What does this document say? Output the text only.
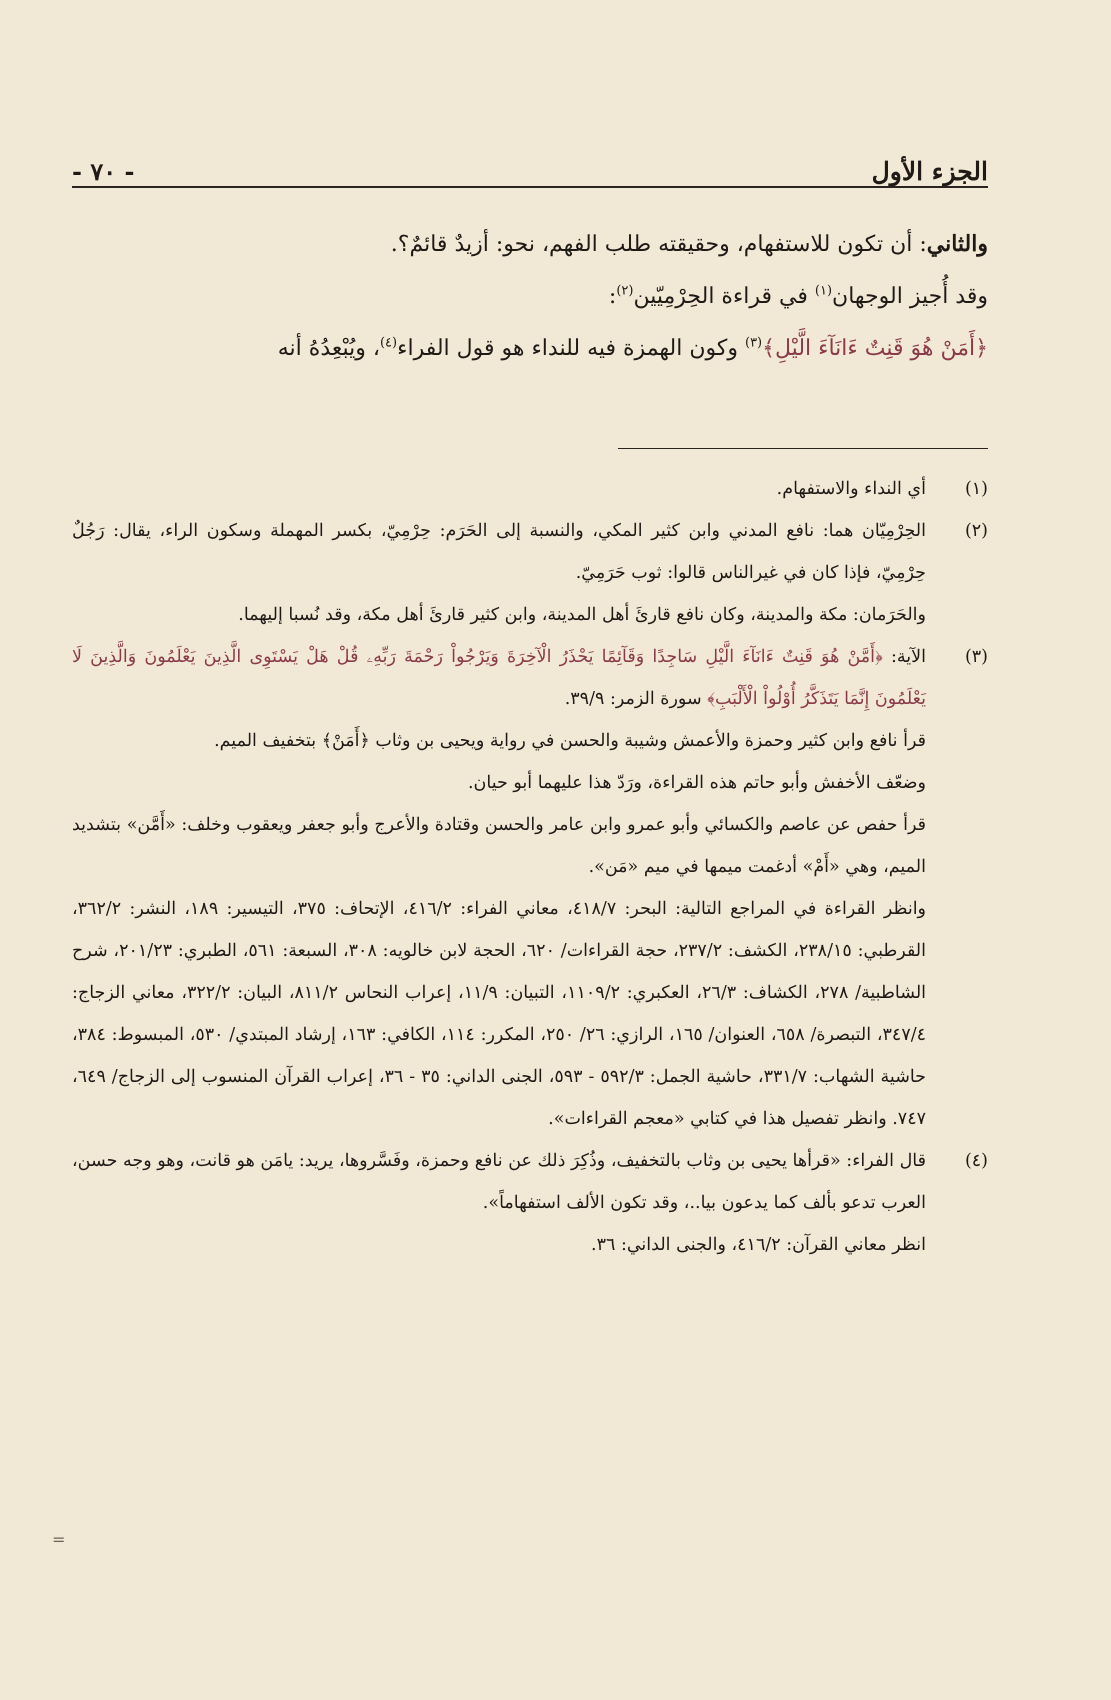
الجزء الأول
- ٧٠ -

والثاني: أن تكون للاستفهام، وحقيقته طلب الفهم، نحو: أزيدٌ قائمٌ؟.

وقد أُجيز الوجهان$^{(١)}$ في قراءة الحِرْمِيّين$^{(٢)}$:

﴿أَمَنْ هُوَ قَنِتٌ ءَانَآءَ الَّيْلِ﴾$^{(٣)}$ وكون الهمزة فيه للنداء هو قول الفراء$^{(٤)}$، ويُبْعِدُهُ أنه

(١)

أي النداء والاستفهام.

(٢)

الحِرْمِيّان هما: نافع المدني وابن كثير المكي، والنسبة إلى الحَرَم: حِرْمِيّ، بكسر المهملة وسكون الراء، يقال: رَجُلٌ حِرْمِيّ، فإذا كان في غيرالناس قالوا: ثوب حَرَمِيّ.

والحَرَمان: مكة والمدينة، وكان نافع قارئَ أهل المدينة، وابن كثير قارئَ أهل مكة، وقد نُسبا إليهما.

(٣)

الآية: ﴿أَمَّنْ هُوَ قَنِتٌ ءَانَآءَ الَّيْلِ سَاجِدًا وَقَآئِمًا يَحْذَرُ الْآخِرَةَ وَيَرْجُواْ رَحْمَةَ رَبِّهِۦ قُلْ هَلْ يَسْتَوِى الَّذِينَ يَعْلَمُونَ وَالَّذِينَ لَا يَعْلَمُونَ إِنَّمَا يَتَذَكَّرُ أُوْلُواْ الْأَلْبَبِ﴾ سورة الزمر: ٣٩/٩.

قرأ نافع وابن كثير وحمزة والأعمش وشيبة والحسن في رواية ويحيى بن وثاب ﴿أَمَنْ﴾ بتخفيف الميم.

وضعّف الأخفش وأبو حاتم هذه القراءة، ورَدّ هذا عليهما أبو حيان.

قرأ حفص عن عاصم والكسائي وأبو عمرو وابن عامر والحسن وقتادة والأعرج وأبو جعفر ويعقوب وخلف: «أَمَّن» بتشديد الميم، وهي «أَمْ» أدغمت ميمها في ميم «مَن».

وانظر القراءة في المراجع التالية: البحر: ٤١٨/٧، معاني الفراء: ٤١٦/٢، الإتحاف: ٣٧٥، التيسير: ١٨٩، النشر: ٣٦٢/٢، القرطبي: ٢٣٨/١٥، الكشف: ٢٣٧/٢، حجة القراءات/ ٦٢٠، الحجة لابن خالويه: ٣٠٨، السبعة: ٥٦١، الطبري: ٢٠١/٢٣، شرح الشاطبية/ ٢٧٨، الكشاف: ٢٦/٣، العكبري: ١١٠٩/٢، التبيان: ١١/٩، إعراب النحاس ٨١١/٢، البيان: ٣٢٢/٢، معاني الزجاج: ٣٤٧/٤، التبصرة/ ٦٥٨، العنوان/ ١٦٥، الرازي: ٢٦/ ٢٥٠، المكرر: ١١٤، الكافي: ١٦٣، إرشاد المبتدي/ ٥٣٠، المبسوط: ٣٨٤، حاشية الشهاب: ٣٣١/٧، حاشية الجمل: ٥٩٢/٣ - ٥٩٣، الجنى الداني: ٣٥ - ٣٦، إعراب القرآن المنسوب إلى الزجاج/ ٦٤٩، ٧٤٧. وانظر تفصيل هذا في كتابي «معجم القراءات».

(٤)

قال الفراء: «قرأها يحيى بن وثاب بالتخفيف، وذُكِرَ ذلك عن نافع وحمزة، وفَسَّروها، يريد: يامَن هو قانت، وهو وجه حسن، العرب تدعو بألف كما يدعون بيا..، وقد تكون الألف استفهاماً».

انظر معاني القرآن: ٤١٦/٢، والجنى الداني: ٣٦.

=
